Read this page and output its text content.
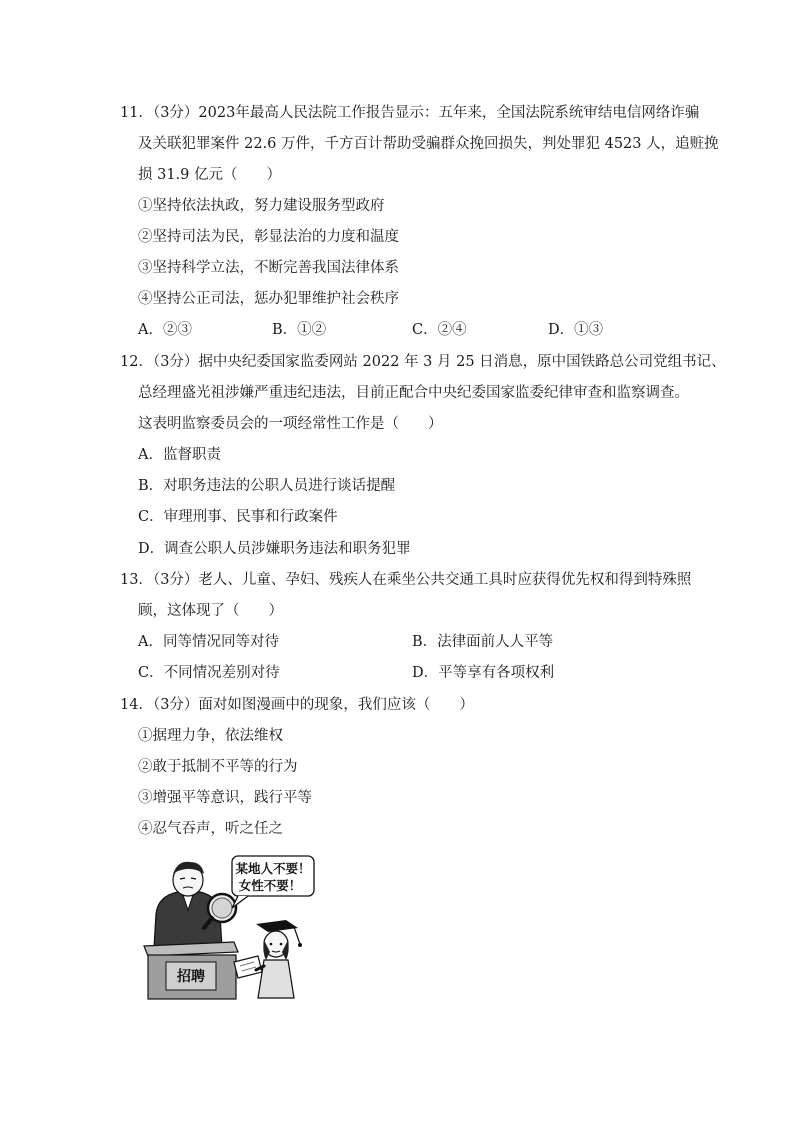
11．（3分）2023年最高人民法院工作报告显示：五年来，全国法院系统审结电信网络诈骗
及关联犯罪案件 22.6 万件，千方百计帮助受骗群众挽回损失，判处罪犯 4523 人，追赃挽
损 31.9 亿元（　　）
①坚持依法执政，努力建设服务型政府
②坚持司法为民，彰显法治的力度和温度
③坚持科学立法，不断完善我国法律体系
④坚持公正司法，惩办犯罪维护社会秩序
A．②③	B．①②	C．②④	D．①③
12．（3分）据中央纪委国家监委网站 2022 年 3 月 25 日消息，原中国铁路总公司党组书记、
总经理盛光祖涉嫌严重违纪违法，目前正配合中央纪委国家监委纪律审查和监察调查。
这表明监察委员会的一项经常性工作是（　　）
A．监督职责
B．对职务违法的公职人员进行谈话提醒
C．审理刑事、民事和行政案件
D．调查公职人员涉嫌职务违法和职务犯罪
13．（3分）老人、儿童、孕妇、残疾人在乘坐公共交通工具时应获得优先权和得到特殊照
顾，这体现了（　　）
A．同等情况同等对待	B．法律面前人人平等
C．不同情况差别对待	D．平等享有各项权利
14．（3分）面对如图漫画中的现象，我们应该（　　）
①据理力争，依法维权
②敢于抵制不平等的行为
③增强平等意识，践行平等
④忍气吞声，听之任之
招聘
某地人不要！
女性不要！
